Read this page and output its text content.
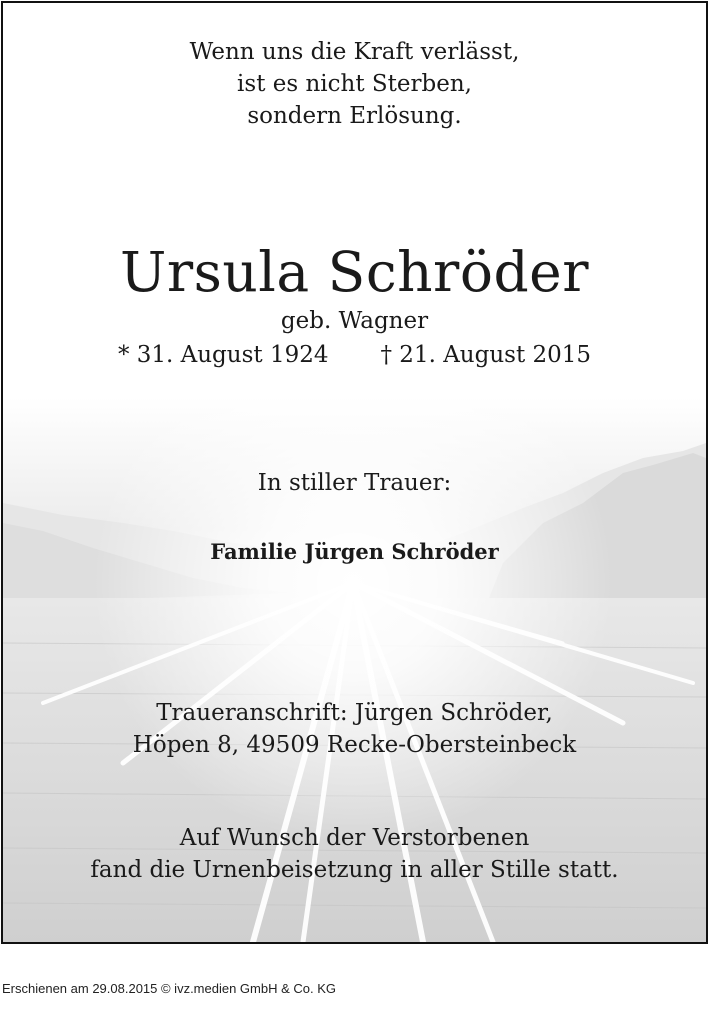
Wenn uns die Kraft verlässt,
ist es nicht Sterben,
sondern Erlösung.
Ursula Schröder
geb. Wagner
* 31. August 1924 † 21. August 2015
In stiller Trauer:
Familie Jürgen Schröder
Traueranschrift: Jürgen Schröder,
Höpen 8, 49509 Recke-Obersteinbeck
Auf Wunsch der Verstorbenen
fand die Urnenbeisetzung in aller Stille statt.
Erschienen am 29.08.2015 © ivz.medien GmbH & Co. KG
